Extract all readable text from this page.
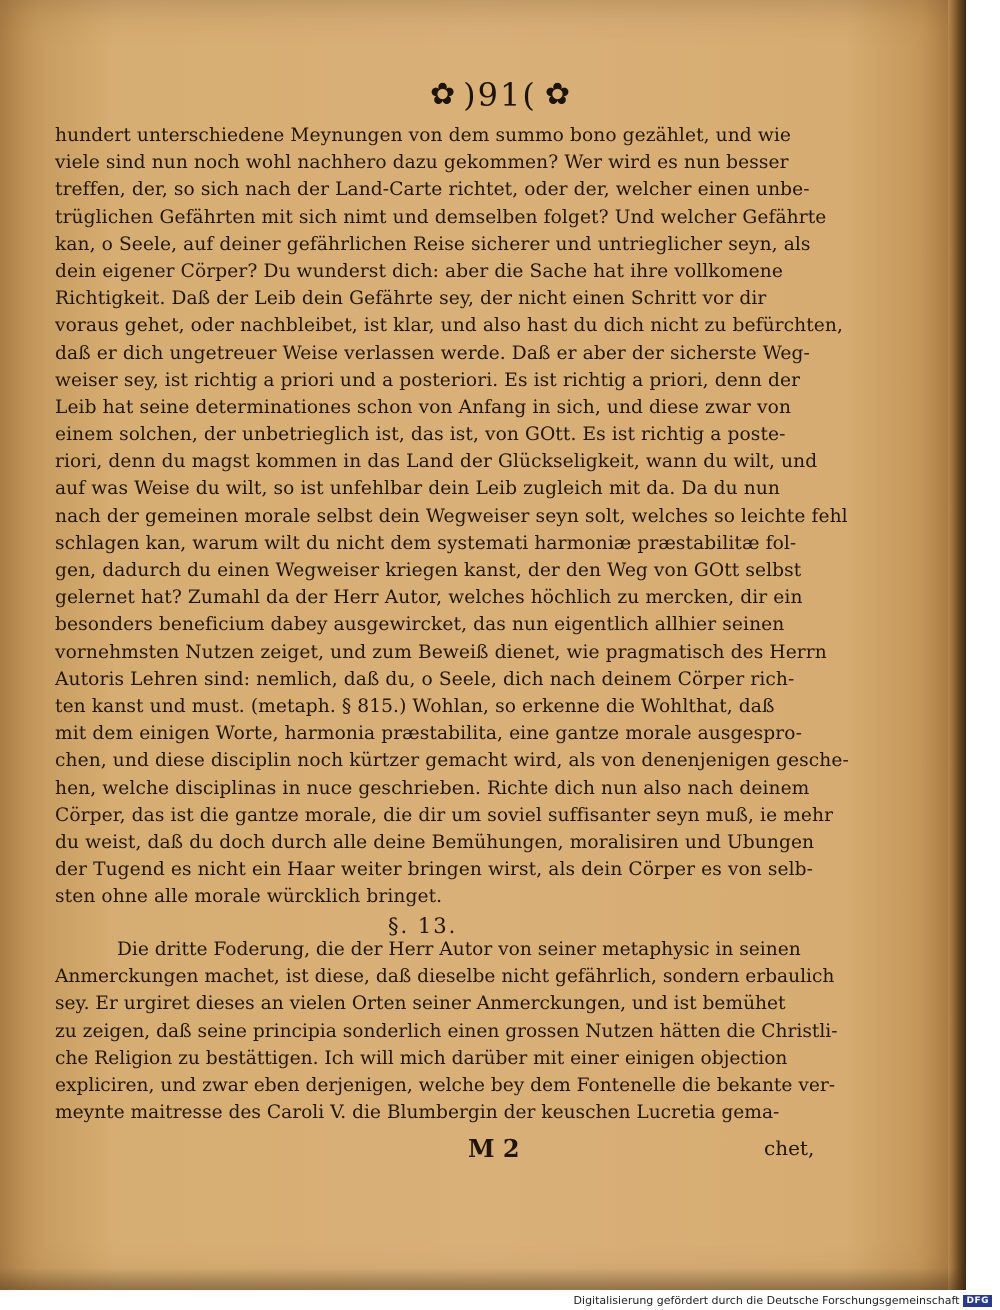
✿ )91( ✿
hundert unterschiedene Meynungen von dem summo bono gezählet, und wie
viele sind nun noch wohl nachhero dazu gekommen? Wer wird es nun besser
treffen, der, so sich nach der Land-Carte richtet, oder der, welcher einen unbe-
trüglichen Gefährten mit sich nimt und demselben folget? Und welcher Gefährte
kan, o Seele, auf deiner gefährlichen Reise sicherer und untrieglicher seyn, als
dein eigener Cörper? Du wunderst dich: aber die Sache hat ihre vollkomene
Richtigkeit. Daß der Leib dein Gefährte sey, der nicht einen Schritt vor dir
voraus gehet, oder nachbleibet, ist klar, und also hast du dich nicht zu befürchten,
daß er dich ungetreuer Weise verlassen werde. Daß er aber der sicherste Weg-
weiser sey, ist richtig a priori und a posteriori. Es ist richtig a priori, denn der
Leib hat seine determinationes schon von Anfang in sich, und diese zwar von
einem solchen, der unbetrieglich ist, das ist, von GOtt. Es ist richtig a poste-
riori, denn du magst kommen in das Land der Glückseligkeit, wann du wilt, und
auf was Weise du wilt, so ist unfehlbar dein Leib zugleich mit da. Da du nun
nach der gemeinen morale selbst dein Wegweiser seyn solt, welches so leichte fehl
schlagen kan, warum wilt du nicht dem systemati harmoniæ præstabilitæ fol-
gen, dadurch du einen Wegweiser kriegen kanst, der den Weg von GOtt selbst
gelernet hat? Zumahl da der Herr Autor, welches höchlich zu mercken, dir ein
besonders beneficium dabey ausgewircket, das nun eigentlich allhier seinen
vornehmsten Nutzen zeiget, und zum Beweiß dienet, wie pragmatisch des Herrn
Autoris Lehren sind: nemlich, daß du, o Seele, dich nach deinem Cörper rich-
ten kanst und must. (metaph. § 815.) Wohlan, so erkenne die Wohlthat, daß
mit dem einigen Worte, harmonia præstabilita, eine gantze morale ausgespro-
chen, und diese disciplin noch kürtzer gemacht wird, als von denenjenigen gesche-
hen, welche disciplinas in nuce geschrieben. Richte dich nun also nach deinem
Cörper, das ist die gantze morale, die dir um soviel suffisanter seyn muß, ie mehr
du weist, daß du doch durch alle deine Bemühungen, moralisiren und Ubungen
der Tugend es nicht ein Haar weiter bringen wirst, als dein Cörper es von selb-
sten ohne alle morale würcklich bringet.
§. 13.
Die dritte Foderung, die der Herr Autor von seiner metaphysic in seinen
Anmerckungen machet, ist diese, daß dieselbe nicht gefährlich, sondern erbaulich
sey. Er urgiret dieses an vielen Orten seiner Anmerckungen, und ist bemühet
zu zeigen, daß seine principia sonderlich einen grossen Nutzen hätten die Christli-
che Religion zu bestättigen. Ich will mich darüber mit einer einigen objection
expliciren, und zwar eben derjenigen, welche bey dem Fontenelle die bekante ver-
meynte maitresse des Caroli V. die Blumbergin der keuschen Lucretia gema-
M 2	chet,
Digitalisierung gefördert durch die Deutsche Forschungsgemeinschaft DFG
